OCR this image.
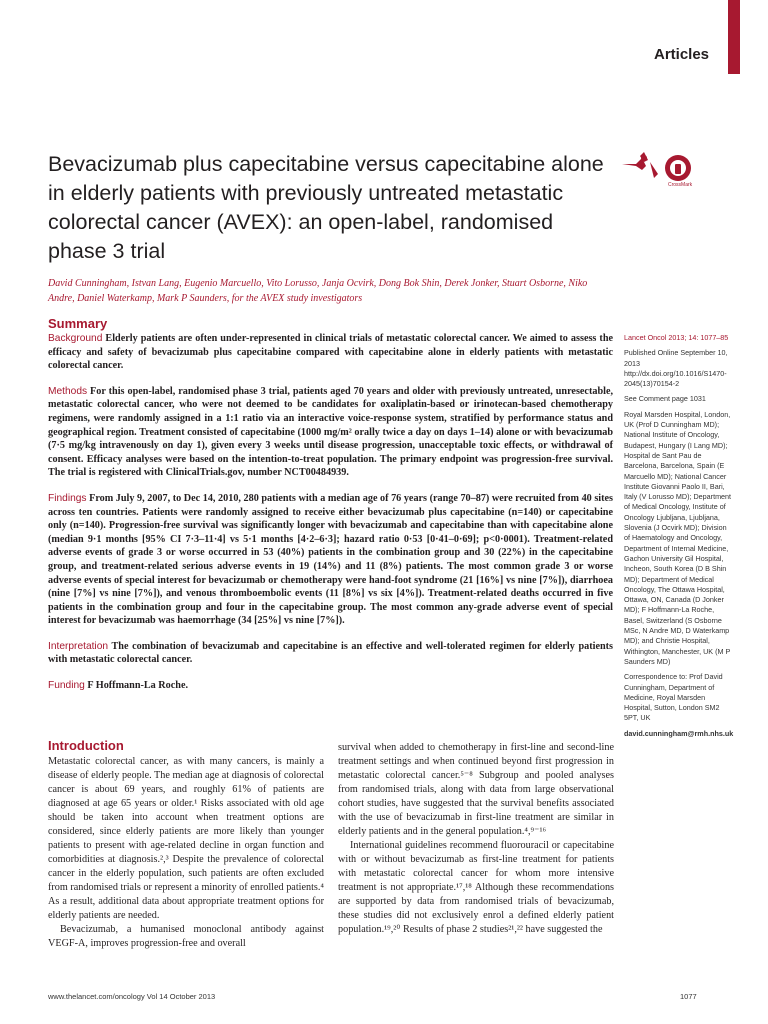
Articles
Bevacizumab plus capecitabine versus capecitabine alone in elderly patients with previously untreated metastatic colorectal cancer (AVEX): an open-label, randomised phase 3 trial
CrossMark
David Cunningham, Istvan Lang, Eugenio Marcuello, Vito Lorusso, Janja Ocvirk, Dong Bok Shin, Derek Jonker, Stuart Osborne, Niko Andre, Daniel Waterkamp, Mark P Saunders, for the AVEX study investigators
Summary

Background Elderly patients are often under-represented in clinical trials of metastatic colorectal cancer. We aimed to assess the efficacy and safety of bevacizumab plus capecitabine compared with capecitabine alone in elderly patients with metastatic colorectal cancer.

Methods For this open-label, randomised phase 3 trial, patients aged 70 years and older with previously untreated, unresectable, metastatic colorectal cancer, who were not deemed to be candidates for oxaliplatin-based or irinotecan-based chemotherapy regimens, were randomly assigned in a 1:1 ratio via an interactive voice-response system, stratified by performance status and geographical region. Treatment consisted of capecitabine (1000 mg/m² orally twice a day on days 1–14) alone or with bevacizumab (7·5 mg/kg intravenously on day 1), given every 3 weeks until disease progression, unacceptable toxic effects, or withdrawal of consent. Efficacy analyses were based on the intention-to-treat population. The primary endpoint was progression-free survival. The trial is registered with ClinicalTrials.gov, number NCT00484939.

Findings From July 9, 2007, to Dec 14, 2010, 280 patients with a median age of 76 years (range 70–87) were recruited from 40 sites across ten countries. Patients were randomly assigned to receive either bevacizumab plus capecitabine (n=140) or capecitabine only (n=140). Progression-free survival was significantly longer with bevacizumab and capecitabine than with capecitabine alone (median 9·1 months [95% CI 7·3–11·4] vs 5·1 months [4·2–6·3]; hazard ratio 0·53 [0·41–0·69]; p<0·0001). Treatment-related adverse events of grade 3 or worse occurred in 53 (40%) patients in the combination group and 30 (22%) in the capecitabine group, and treatment-related serious adverse events in 19 (14%) and 11 (8%) patients. The most common grade 3 or worse adverse events of special interest for bevacizumab or chemotherapy were hand-foot syndrome (21 [16%] vs nine [7%]), diarrhoea (nine [7%] vs nine [7%]), and venous thromboembolic events (11 [8%] vs six [4%]). Treatment-related deaths occurred in five patients in the combination group and four in the capecitabine group. The most common any-grade adverse event of special interest for bevacizumab was haemorrhage (34 [25%] vs nine [7%]).

Interpretation The combination of bevacizumab and capecitabine is an effective and well-tolerated regimen for elderly patients with metastatic colorectal cancer.

Funding F Hoffmann-La Roche.

Lancet Oncol 2013; 14: 1077–85

Published Online September 10, 2013 http://dx.doi.org/10.1016/S1470-2045(13)70154-2

See Comment page 1031

Royal Marsden Hospital, London, UK (Prof D Cunningham MD); National Institute of Oncology, Budapest, Hungary (I Lang MD); Hospital de Sant Pau de Barcelona, Barcelona, Spain (E Marcuello MD); National Cancer Institute Giovanni Paolo II, Bari, Italy (V Lorusso MD); Department of Medical Oncology, Institute of Oncology Ljubljana, Ljubljana, Slovenia (J Ocvirk MD); Division of Haematology and Oncology, Department of Internal Medicine, Gachon University Gil Hospital, Incheon, South Korea (D B Shin MD); Department of Medical Oncology, The Ottawa Hospital, Ottawa, ON, Canada (D Jonker MD); F Hoffmann-La Roche, Basel, Switzerland (S Osborne MSc, N Andre MD, D Waterkamp MD); and Christie Hospital, Withington, Manchester, UK (M P Saunders MD)

Correspondence to: Prof David Cunningham, Department of Medicine, Royal Marsden Hospital, Sutton, London SM2 5PT, UK

david.cunningham@rmh.nhs.uk

Introduction

Metastatic colorectal cancer, as with many cancers, is mainly a disease of elderly people. The median age at diagnosis of colorectal cancer is about 69 years, and roughly 61% of patients are diagnosed at age 65 years or older.¹ Risks associated with old age should be taken into account when treatment options are considered, since elderly patients are more likely than younger patients to present with age-related decline in organ function and comorbidities at diagnosis.²,³ Despite the prevalence of colorectal cancer in the elderly population, such patients are often excluded from randomised trials or represent a minority of enrolled patients.⁴ As a result, additional data about appropriate treatment options for elderly patients are needed.

Bevacizumab, a humanised monoclonal antibody against VEGF-A, improves progression-free and overall

survival when added to chemotherapy in first-line and second-line treatment settings and when continued beyond first progression in metastatic colorectal cancer.⁵⁻⁸ Subgroup and pooled analyses from randomised trials, along with data from large observational cohort studies, have suggested that the survival benefits associated with the use of bevacizumab in first-line treatment are similar in elderly patients and in the general population.⁴,⁹⁻¹⁶

International guidelines recommend fluorouracil or capecitabine with or without bevacizumab as first-line treatment for patients with metastatic colorectal cancer for whom more intensive treatment is not appropriate.¹⁷,¹⁸ Although these recommendations are supported by data from randomised trials of bevacizumab, these studies did not exclusively enrol a defined elderly patient population.¹⁹,²⁰ Results of phase 2 studies²¹,²² have suggested the

www.thelancet.com/oncology Vol 14 October 2013	1077
